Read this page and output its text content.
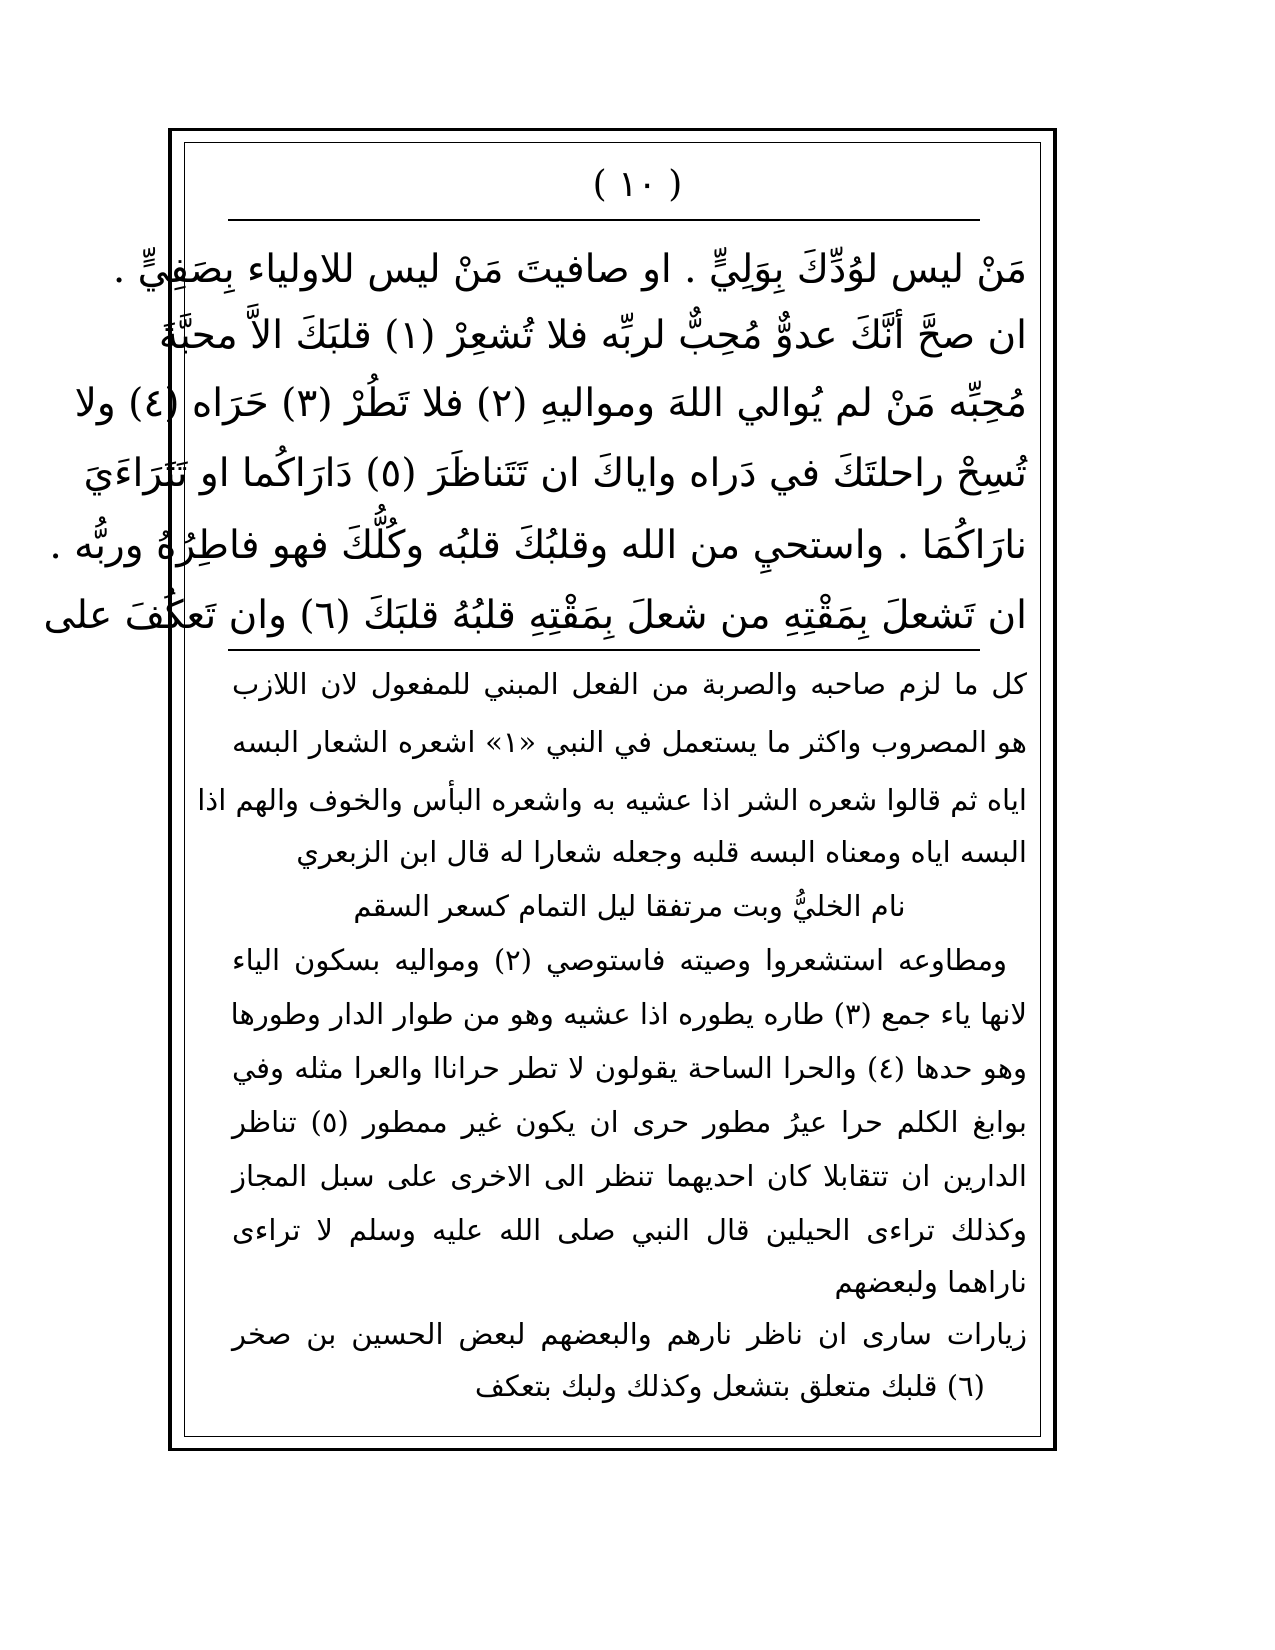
( ١٠ )
مَنْ ليس لوُدِّكَ بِوَلِيٍّ . او صافيتَ مَنْ ليس للاولياء بِصَفِيٍّ .
ان صحَّ أنَّكَ عدوٌّ مُحِبٌّ لربِّه فلا تُشعِرْ (١) قلبَكَ الاَّ محبَّةَ
مُحِبِّه مَنْ لم يُوالي اللهَ ومواليهِ (٢) فلا تَطُرْ (٣) حَرَاه (٤) ولا
تُسِحْ راحلتَكَ في دَراه واياكَ ان تَتَناظَرَ (٥) دَارَاكُما او تَتَرَاءَيَ
نارَاكُمَا . واستحيِ من الله وقلبُكَ قلبُه وكُلُّكَ فهو فاطِرُهُ وربُّه .
ان تَشعلَ بِمَقْتِهِ من شعلَ بِمَقْتِهِ قلبُهُ قلبَكَ (٦) وان تَعكُفَ على
كل ما لزم صاحبه والصربة من الفعل المبني للمفعول لان اللازب
هو المصروب واكثر ما يستعمل في النبي «١» اشعره الشعار البسه
اياه ثم قالوا شعره الشر اذا عشيه به واشعره البأس والخوف والهم اذا
البسه اياه ومعناه البسه قلبه وجعله شعارا له قال ابن الزبعري
نام الخليُّ وبت مرتفقا ليل التمام كسعر السقم
ومطاوعه استشعروا وصيته فاستوصي (٢) ومواليه بسكون الياء
لانها ياء جمع (٣) طاره يطوره اذا عشيه وهو من طوار الدار وطورها
وهو حدها (٤) والحرا الساحة يقولون لا تطر حراناا والعرا مثله وفي
بوابغ الكلم حرا عيرُ مطور حرى ان يكون غير ممطور (٥) تناظر
الدارين ان تتقابلا كان احديهما تنظر الى الاخرى على سبل المجاز
وكذلك تراءى الحيلين قال النبي صلى الله عليه وسلم لا تراءى
ناراهما ولبعضهم
زيارات سارى ان ناظر نارهم والبعضهم لبعض الحسين بن صخر
(٦) قلبك متعلق بتشعل وكذلك ولبك بتعكف
